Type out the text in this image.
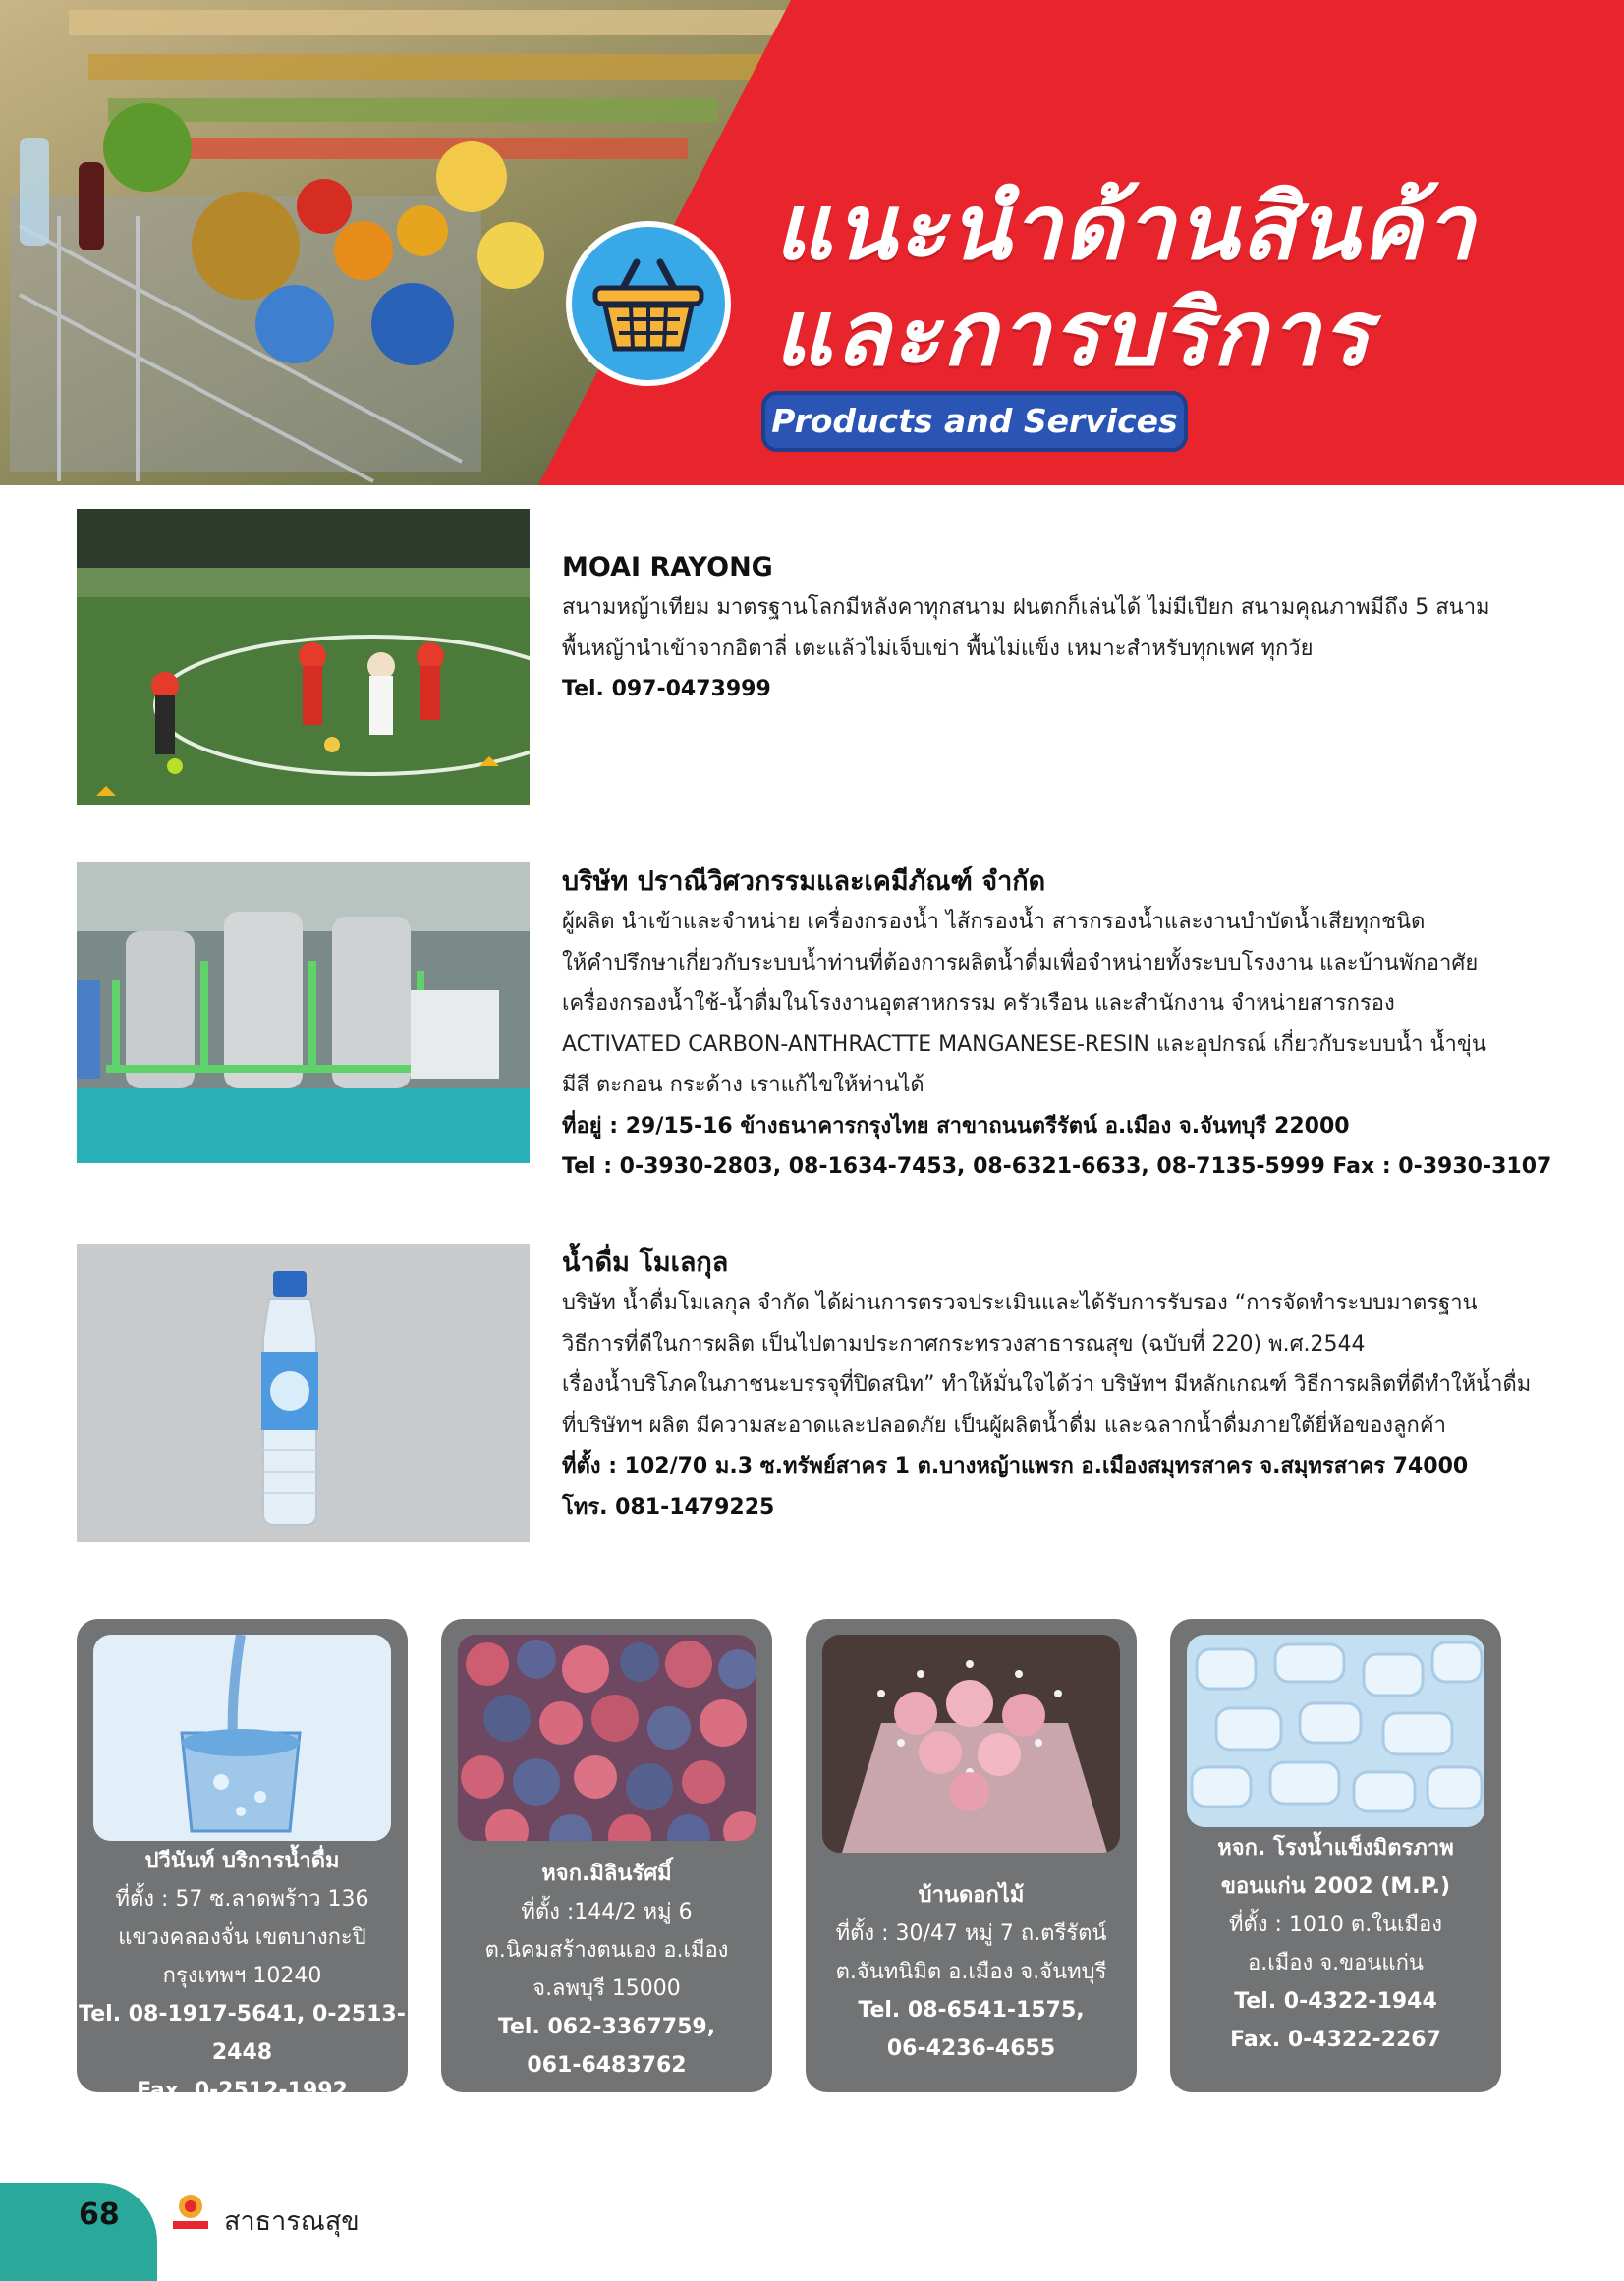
แนะนำด้านสินค้า
และการบริการ
Products and Services
MOAI RAYONG
สนามหญ้าเทียม มาตรฐานโลกมีหลังคาทุกสนาม ฝนตกก็เล่นได้ ไม่มีเปียก สนามคุณภาพมีถึง 5 สนาม
พื้นหญ้านำเข้าจากอิตาลี่ เตะแล้วไม่เจ็บเข่า พื้นไม่แข็ง เหมาะสำหรับทุกเพศ ทุกวัย
Tel. 097-0473999
บริษัท ปราณีวิศวกรรมและเคมีภัณฑ์ จำกัด
ผู้ผลิต นำเข้าและจำหน่าย เครื่องกรองน้ำ ไส้กรองน้ำ สารกรองน้ำและงานบำบัดน้ำเสียทุกชนิด
ให้คำปรึกษาเกี่ยวกับระบบน้ำท่านที่ต้องการผลิตน้ำดื่มเพื่อจำหน่ายทั้งระบบโรงงาน และบ้านพักอาศัย
เครื่องกรองน้ำใช้-น้ำดื่มในโรงงานอุตสาหกรรม ครัวเรือน และสำนักงาน จำหน่ายสารกรอง
ACTIVATED CARBON-ANTHRACTTE MANGANESE-RESIN และอุปกรณ์ เกี่ยวกับระบบน้ำ น้ำขุ่น
มีสี ตะกอน กระด้าง เราแก้ไขให้ท่านได้
ที่อยู่ : 29/15-16 ข้างธนาคารกรุงไทย สาขาถนนตรีรัตน์ อ.เมือง จ.จันทบุรี 22000
Tel : 0-3930-2803, 08-1634-7453, 08-6321-6633, 08-7135-5999 Fax : 0-3930-3107
น้ำดื่ม โมเลกุล
บริษัท น้ำดื่มโมเลกุล จำกัด ได้ผ่านการตรวจประเมินและได้รับการรับรอง “การจัดทำระบบมาตรฐาน
วิธีการที่ดีในการผลิต เป็นไปตามประกาศกระทรวงสาธารณสุข (ฉบับที่ 220) พ.ศ.2544
เรื่องน้ำบริโภคในภาชนะบรรจุที่ปิดสนิท” ทำให้มั่นใจได้ว่า บริษัทฯ มีหลักเกณฑ์ วิธีการผลิตที่ดีทำให้น้ำดื่ม
ที่บริษัทฯ ผลิต มีความสะอาดและปลอดภัย เป็นผู้ผลิตน้ำดื่ม และฉลากน้ำดื่มภายใต้ยี่ห้อของลูกค้า
ที่ตั้ง : 102/70 ม.3 ซ.ทรัพย์สาคร 1 ต.บางหญ้าแพรก อ.เมืองสมุทรสาคร จ.สมุทรสาคร 74000
โทร. 081-1479225
ปวีนันท์ บริการน้ำดื่ม
ที่ตั้ง : 57 ซ.ลาดพร้าว 136
แขวงคลองจั่น เขตบางกะปิ
กรุงเทพฯ 10240
Tel. 08-1917-5641, 0-2513-2448
Fax. 0-2512-1992
หจก.มิลินรัศมิ์
ที่ตั้ง :144/2 หมู่ 6
ต.นิคมสร้างตนเอง อ.เมือง
จ.ลพบุรี 15000
Tel. 062-3367759,
061-6483762
บ้านดอกไม้
ที่ตั้ง : 30/47 หมู่ 7 ถ.ตรีรัตน์
ต.จันทนิมิต อ.เมือง จ.จันทบุรี
Tel. 08-6541-1575,
06-4236-4655
หจก. โรงน้ำแข็งมิตรภาพ
ขอนแก่น 2002 (M.P.)
ที่ตั้ง : 1010 ต.ในเมือง
อ.เมือง จ.ขอนแก่น
Tel. 0-4322-1944
Fax. 0-4322-2267
68	สาธารณสุข
